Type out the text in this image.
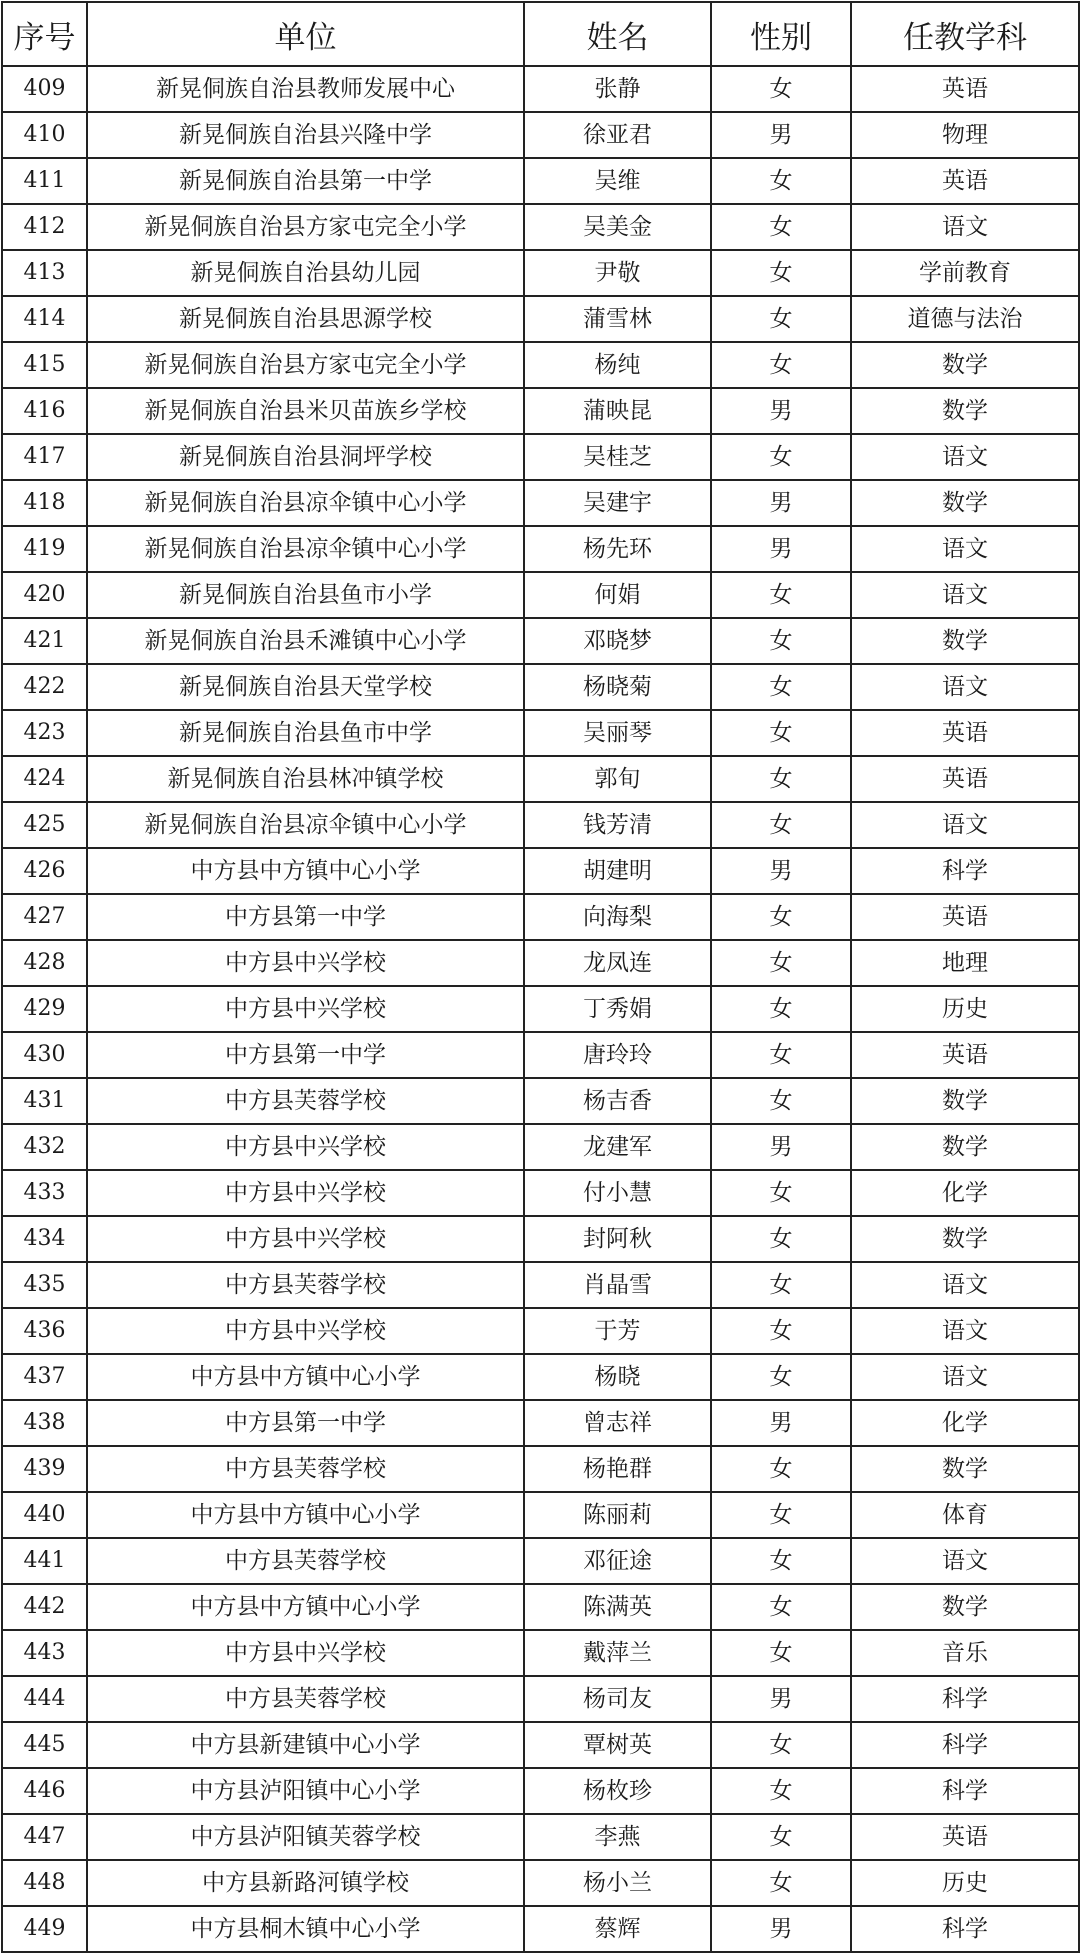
序号	单位	姓名	性别	任教学科
409	新晃侗族自治县教师发展中心	张静	女	英语
410	新晃侗族自治县兴隆中学	徐亚君	男	物理
411	新晃侗族自治县第一中学	吴维	女	英语
412	新晃侗族自治县方家屯完全小学	吴美金	女	语文
413	新晃侗族自治县幼儿园	尹敬	女	学前教育
414	新晃侗族自治县思源学校	蒲雪林	女	道德与法治
415	新晃侗族自治县方家屯完全小学	杨纯	女	数学
416	新晃侗族自治县米贝苗族乡学校	蒲映昆	男	数学
417	新晃侗族自治县洞坪学校	吴桂芝	女	语文
418	新晃侗族自治县凉伞镇中心小学	吴建宇	男	数学
419	新晃侗族自治县凉伞镇中心小学	杨先环	男	语文
420	新晃侗族自治县鱼市小学	何娟	女	语文
421	新晃侗族自治县禾滩镇中心小学	邓晓梦	女	数学
422	新晃侗族自治县天堂学校	杨晓菊	女	语文
423	新晃侗族自治县鱼市中学	吴丽琴	女	英语
424	新晃侗族自治县林冲镇学校	郭旬	女	英语
425	新晃侗族自治县凉伞镇中心小学	钱芳清	女	语文
426	中方县中方镇中心小学	胡建明	男	科学
427	中方县第一中学	向海梨	女	英语
428	中方县中兴学校	龙凤连	女	地理
429	中方县中兴学校	丁秀娟	女	历史
430	中方县第一中学	唐玲玲	女	英语
431	中方县芙蓉学校	杨吉香	女	数学
432	中方县中兴学校	龙建军	男	数学
433	中方县中兴学校	付小慧	女	化学
434	中方县中兴学校	封阿秋	女	数学
435	中方县芙蓉学校	肖晶雪	女	语文
436	中方县中兴学校	于芳	女	语文
437	中方县中方镇中心小学	杨晓	女	语文
438	中方县第一中学	曾志祥	男	化学
439	中方县芙蓉学校	杨艳群	女	数学
440	中方县中方镇中心小学	陈丽莉	女	体育
441	中方县芙蓉学校	邓征途	女	语文
442	中方县中方镇中心小学	陈满英	女	数学
443	中方县中兴学校	戴萍兰	女	音乐
444	中方县芙蓉学校	杨司友	男	科学
445	中方县新建镇中心小学	覃树英	女	科学
446	中方县泸阳镇中心小学	杨枚珍	女	科学
447	中方县泸阳镇芙蓉学校	李燕	女	英语
448	中方县新路河镇学校	杨小兰	女	历史
449	中方县桐木镇中心小学	蔡辉	男	科学
